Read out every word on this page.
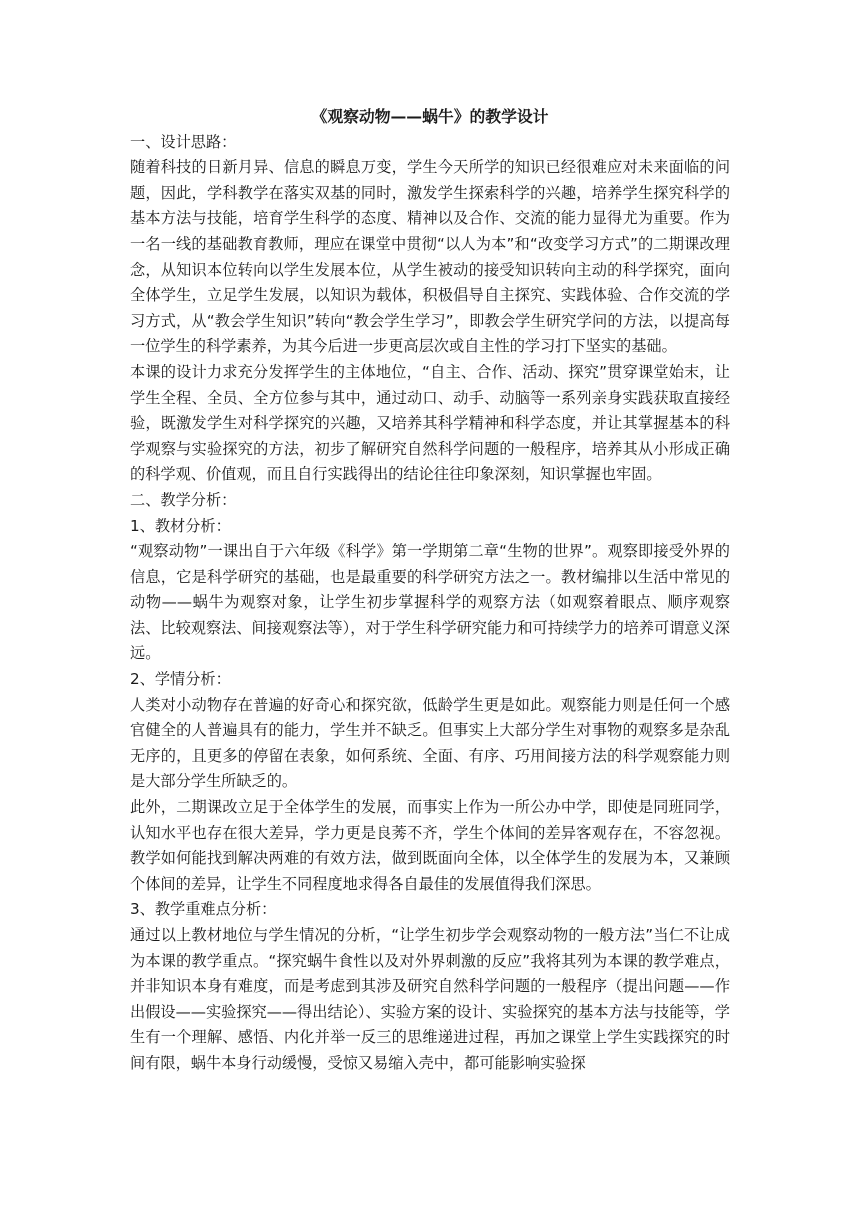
《观察动物——蜗牛》的教学设计

一、设计思路：

随着科技的日新月异、信息的瞬息万变，学生今天所学的知识已经很难应对未来面临的问题，因此，学科教学在落实双基的同时，激发学生探索科学的兴趣，培养学生探究科学的基本方法与技能，培育学生科学的态度、精神以及合作、交流的能力显得尤为重要。作为一名一线的基础教育教师，理应在课堂中贯彻“以人为本”和“改变学习方式”的二期课改理念，从知识本位转向以学生发展本位，从学生被动的接受知识转向主动的科学探究，面向全体学生，立足学生发展，以知识为载体，积极倡导自主探究、实践体验、合作交流的学习方式，从“教会学生知识”转向“教会学生学习”，即教会学生研究学问的方法，以提高每一位学生的科学素养，为其今后进一步更高层次或自主性的学习打下坚实的基础。

本课的设计力求充分发挥学生的主体地位，“自主、合作、活动、探究”贯穿课堂始末，让学生全程、全员、全方位参与其中，通过动口、动手、动脑等一系列亲身实践获取直接经验，既激发学生对科学探究的兴趣，又培养其科学精神和科学态度，并让其掌握基本的科学观察与实验探究的方法，初步了解研究自然科学问题的一般程序，培养其从小形成正确的科学观、价值观，而且自行实践得出的结论往往印象深刻，知识掌握也牢固。

二、教学分析：

1、教材分析：

“观察动物”一课出自于六年级《科学》第一学期第二章“生物的世界”。观察即接受外界的信息，它是科学研究的基础，也是最重要的科学研究方法之一。教材编排以生活中常见的动物——蜗牛为观察对象，让学生初步掌握科学的观察方法（如观察着眼点、顺序观察法、比较观察法、间接观察法等），对于学生科学研究能力和可持续学力的培养可谓意义深远。

2、学情分析：

人类对小动物存在普遍的好奇心和探究欲，低龄学生更是如此。观察能力则是任何一个感官健全的人普遍具有的能力，学生并不缺乏。但事实上大部分学生对事物的观察多是杂乱无序的，且更多的停留在表象，如何系统、全面、有序、巧用间接方法的科学观察能力则是大部分学生所缺乏的。

此外，二期课改立足于全体学生的发展，而事实上作为一所公办中学，即使是同班同学，认知水平也存在很大差异，学力更是良莠不齐，学生个体间的差异客观存在，不容忽视。教学如何能找到解决两难的有效方法，做到既面向全体，以全体学生的发展为本，又兼顾个体间的差异，让学生不同程度地求得各自最佳的发展值得我们深思。

3、教学重难点分析：

通过以上教材地位与学生情况的分析，“让学生初步学会观察动物的一般方法”当仁不让成为本课的教学重点。“探究蜗牛食性以及对外界刺激的反应”我将其列为本课的教学难点，并非知识本身有难度，而是考虑到其涉及研究自然科学问题的一般程序（提出问题——作出假设——实验探究——得出结论）、实验方案的设计、实验探究的基本方法与技能等，学生有一个理解、感悟、内化并举一反三的思维递进过程，再加之课堂上学生实践探究的时间有限，蜗牛本身行动缓慢，受惊又易缩入壳中，都可能影响实验探
